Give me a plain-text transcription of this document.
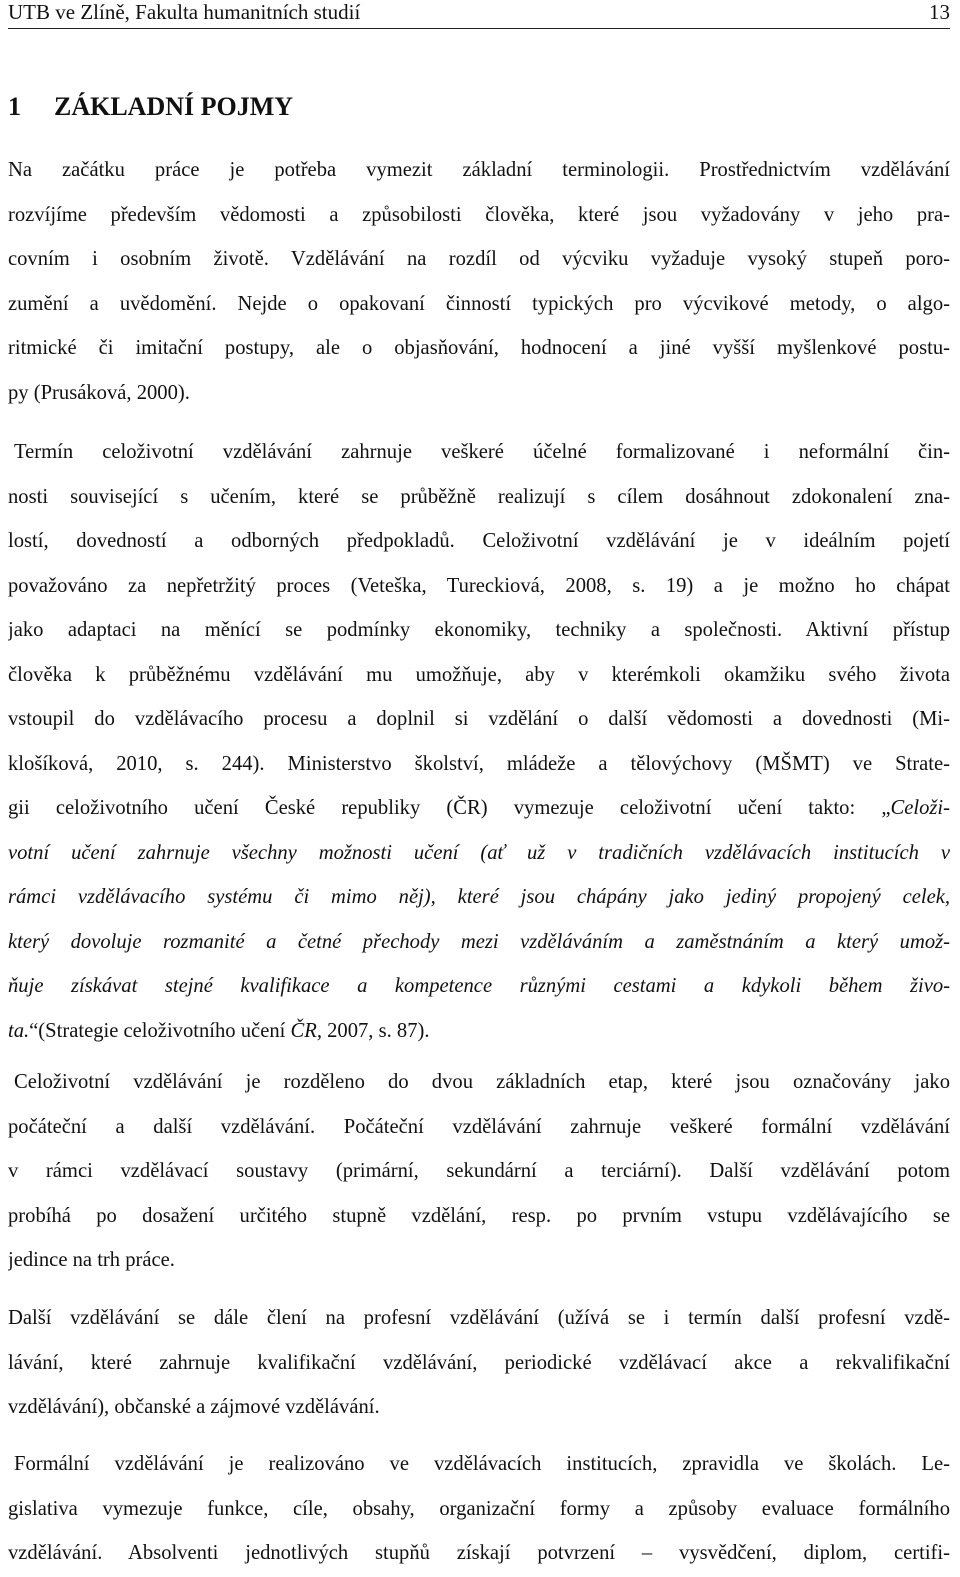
UTB ve Zlíně, Fakulta humanitních studií	13
1 ZÁKLADNÍ POJMY

Na začátku práce je potřeba vymezit základní terminologii. Prostřednictvím vzdělávání
rozvíjíme především vědomosti a způsobilosti člověka, které jsou vyžadovány v jeho pra-
covním i osobním životě. Vzdělávání na rozdíl od výcviku vyžaduje vysoký stupeň poro-
zumění a uvědomění. Nejde o opakovaní činností typických pro výcvikové metody, o algo-
ritmické či imitační postupy, ale o objasňování, hodnocení a jiné vyšší myšlenkové postu-
py (Prusáková, 2000).

Termín celoživotní vzdělávání zahrnuje veškeré účelné formalizované i neformální čin-
nosti související s učením, které se průběžně realizují s cílem dosáhnout zdokonalení zna-
lostí, dovedností a odborných předpokladů. Celoživotní vzdělávání je v ideálním pojetí
považováno za nepřetržitý proces (Veteška, Tureckiová, 2008, s. 19) a je možno ho chápat
jako adaptaci na měnící se podmínky ekonomiky, techniky a společnosti. Aktivní přístup
člověka k průběžnému vzdělávání mu umožňuje, aby v kterémkoli okamžiku svého života
vstoupil do vzdělávacího procesu a doplnil si vzdělání o další vědomosti a dovednosti (Mi-
klošíková, 2010, s. 244). Ministerstvo školství, mládeže a tělovýchovy (MŠMT) ve Strate-
gii celoživotního učení České republiky (ČR) vymezuje celoživotní učení takto: „Celoži-
votní učení zahrnuje všechny možnosti učení (ať už v tradičních vzdělávacích institucích v
rámci vzdělávacího systému či mimo něj), které jsou chápány jako jediný propojený celek,
který dovoluje rozmanité a četné přechody mezi vzděláváním a zaměstnáním a který umož-
ňuje získávat stejné kvalifikace a kompetence různými cestami a kdykoli během živo-
ta.“(Strategie celoživotního učení ČR, 2007, s. 87).

Celoživotní vzdělávání je rozděleno do dvou základních etap, které jsou označovány jako
počáteční a další vzdělávání. Počáteční vzdělávání zahrnuje veškeré formální vzdělávání
v rámci vzdělávací soustavy (primární, sekundární a terciární). Další vzdělávání potom
probíhá po dosažení určitého stupně vzdělání, resp. po prvním vstupu vzdělávajícího se
jedince na trh práce.

Další vzdělávání se dále člení na profesní vzdělávání (užívá se i termín další profesní vzdě-
lávání, které zahrnuje kvalifikační vzdělávání, periodické vzdělávací akce a rekvalifikační
vzdělávání), občanské a zájmové vzdělávání.

Formální vzdělávání je realizováno ve vzdělávacích institucích, zpravidla ve školách. Le-
gislativa vymezuje funkce, cíle, obsahy, organizační formy a způsoby evaluace formálního
vzdělávání. Absolventi jednotlivých stupňů získají potvrzení – vysvědčení, diplom, certifi-
